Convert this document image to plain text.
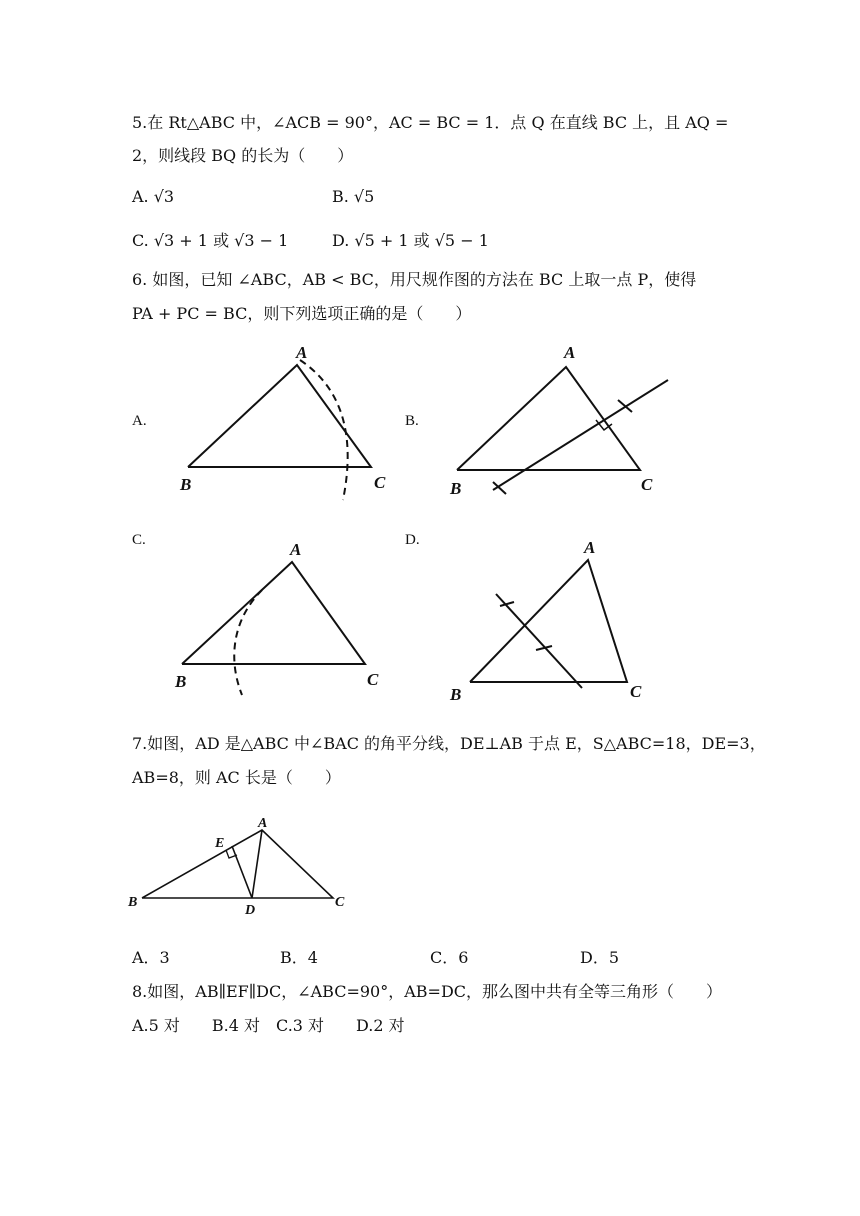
5.在 Rt△ABC 中，∠ACB = 90°，AC = BC = 1．点 Q 在直线 BC 上，且 AQ =
2，则线段 BQ 的长为（　　）
A. √3	B. √5
C. √3 + 1 或 √3 − 1	D. √5 + 1 或 √5 − 1
6. 如图，已知 ∠ABC，AB < BC，用尺规作图的方法在 BC 上取一点 P，使得
PA + PC = BC，则下列选项正确的是（　　）
A.	B.
C.	D.
A
B	C
A
B	C
A
B	C
A
B	C
7.如图，AD 是△ABC 中∠BAC 的角平分线，DE⊥AB 于点 E，S△ABC=18，DE=3，
AB=8，则 AC 长是（　　）
A
B	C
D
E
A．3	B．4	C．6	D．5
8.如图，AB∥EF∥DC，∠ABC=90°，AB=DC，那么图中共有全等三角形（　　）
A.5 对　　B.4 对　C.3 对　　D.2 对
